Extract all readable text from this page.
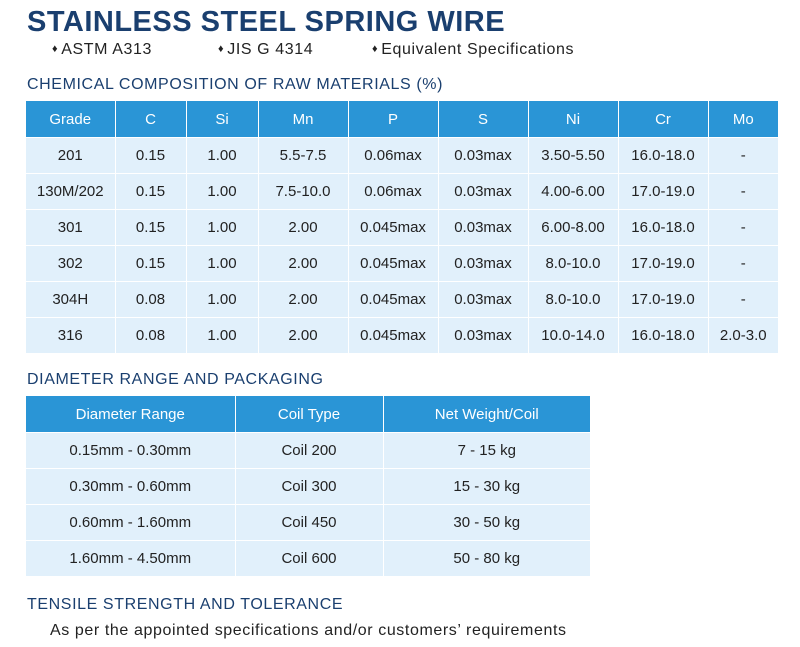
STAINLESS STEEL SPRING WIRE
♦ ASTM A313	♦ JIS G 4314	♦ Equivalent Specifications
CHEMICAL COMPOSITION OF RAW MATERIALS (%)
Grade	C	Si	Mn	P	S	Ni	Cr	Mo
201	0.15	1.00	5.5-7.5	0.06max	0.03max	3.50-5.50	16.0-18.0	-
130M/202	0.15	1.00	7.5-10.0	0.06max	0.03max	4.00-6.00	17.0-19.0	-
301	0.15	1.00	2.00	0.045max	0.03max	6.00-8.00	16.0-18.0	-
302	0.15	1.00	2.00	0.045max	0.03max	8.0-10.0	17.0-19.0	-
304H	0.08	1.00	2.00	0.045max	0.03max	8.0-10.0	17.0-19.0	-
316	0.08	1.00	2.00	0.045max	0.03max	10.0-14.0	16.0-18.0	2.0-3.0
DIAMETER RANGE AND PACKAGING
Diameter Range	Coil Type	Net Weight/Coil
0.15mm - 0.30mm	Coil 200	7 - 15 kg
0.30mm - 0.60mm	Coil 300	15 - 30 kg
0.60mm - 1.60mm	Coil 450	30 - 50 kg
1.60mm - 4.50mm	Coil 600	50 - 80 kg
TENSILE STRENGTH AND TOLERANCE
As per the appointed specifications and/or customers’ requirements
